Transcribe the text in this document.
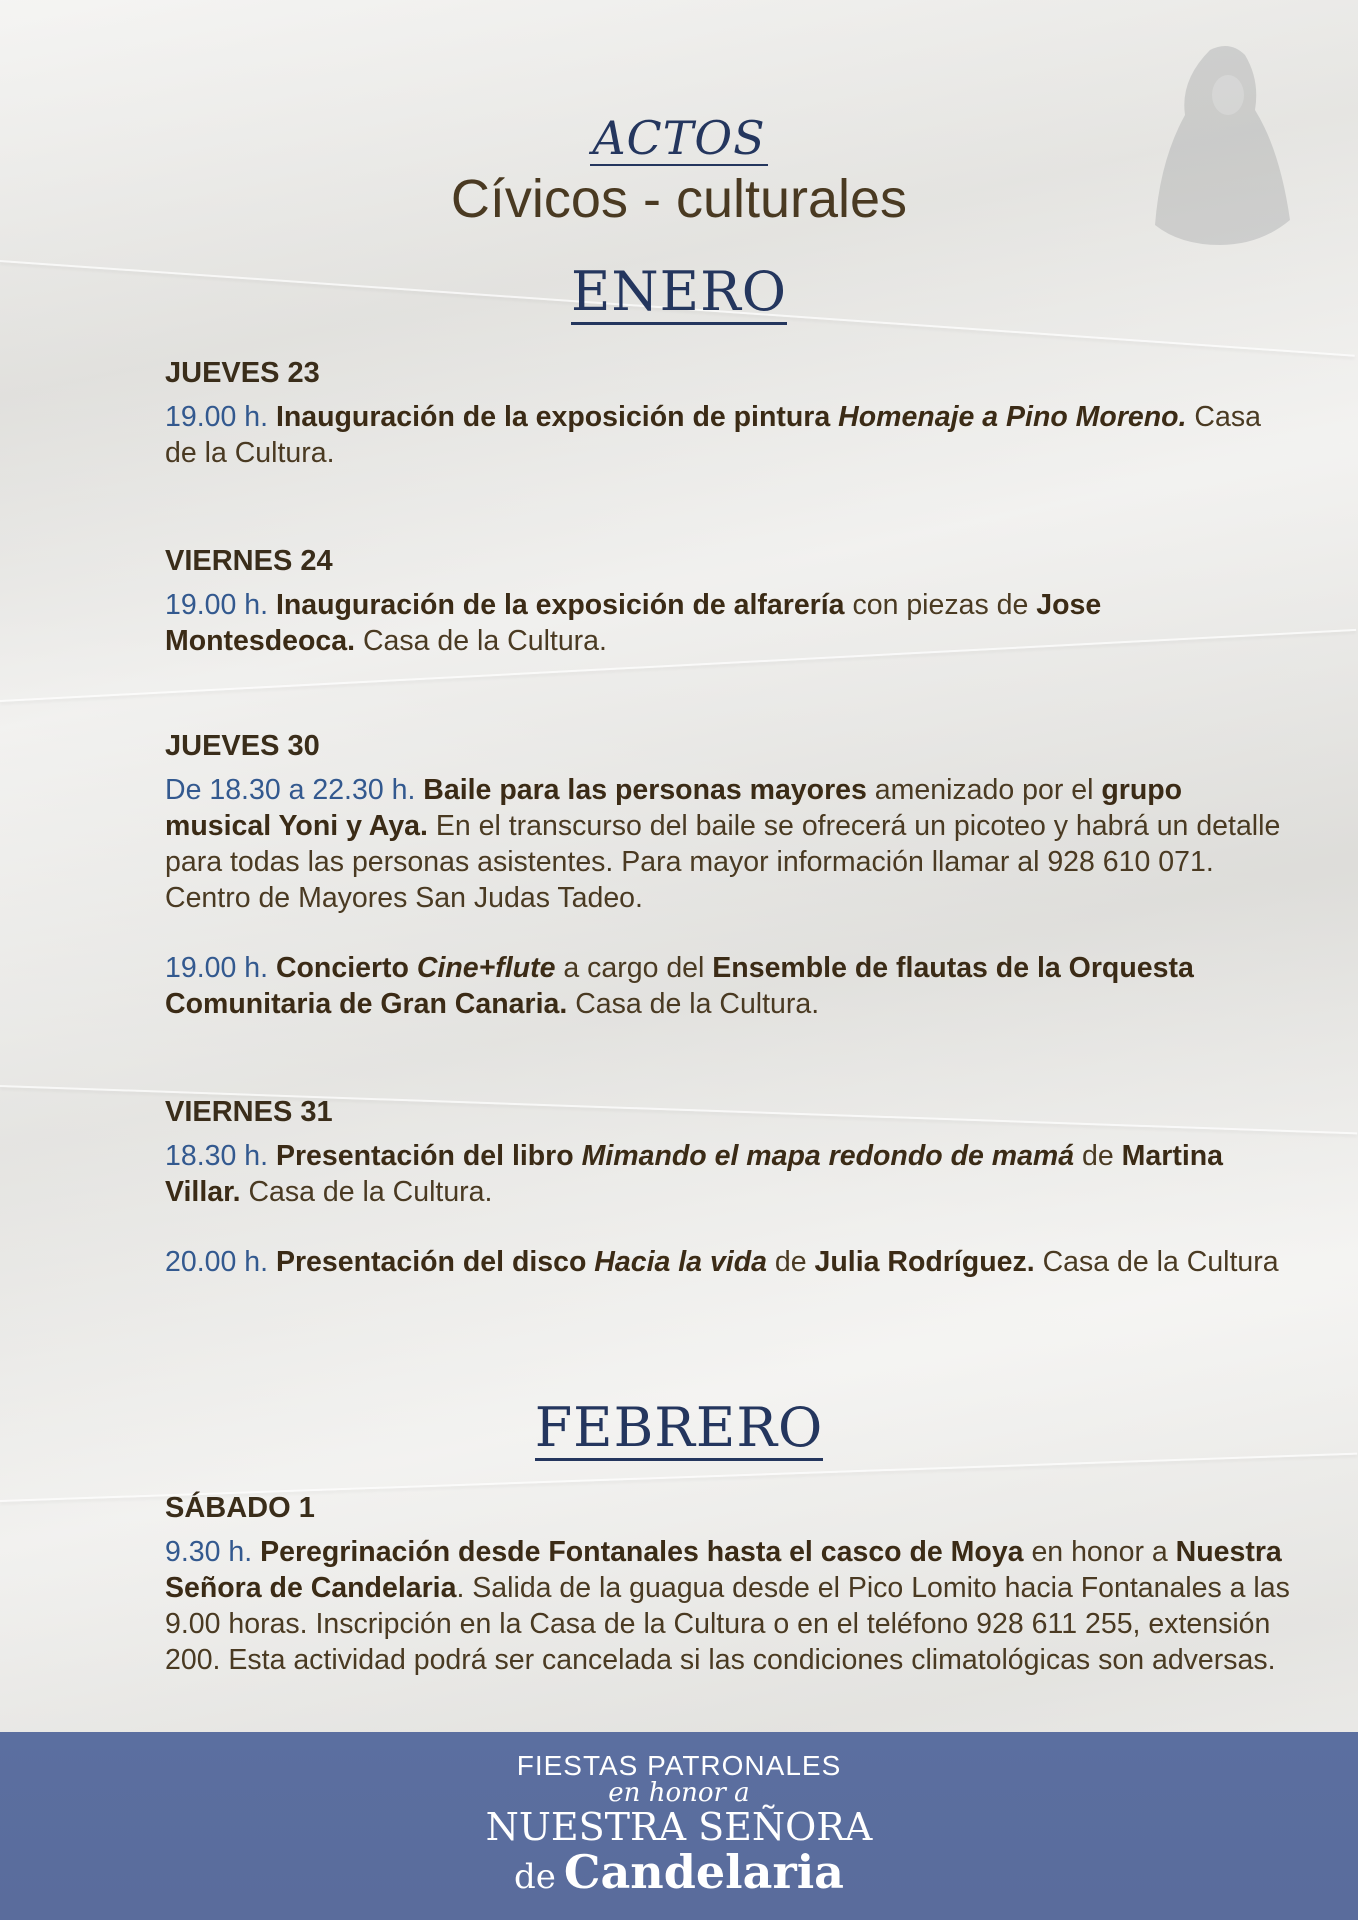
ACTOS
Cívicos - culturales
ENERO
JUEVES 23

19.00 h. Inauguración de la exposición de pintura Homenaje a Pino Moreno. Casa de la Cultura.

VIERNES 24

19.00 h. Inauguración de la exposición de alfarería con piezas de Jose Montesdeoca. Casa de la Cultura.

JUEVES 30

De 18.30 a 22.30 h. Baile para las personas mayores amenizado por el grupo musical Yoni y Aya. En el transcurso del baile se ofrecerá un picoteo y habrá un detalle para todas las personas asistentes. Para mayor información llamar al 928 610 071. Centro de Mayores San Judas Tadeo.

19.00 h. Concierto Cine+flute a cargo del Ensemble de flautas de la Orquesta Comunitaria de Gran Canaria. Casa de la Cultura.

VIERNES 31

18.30 h. Presentación del libro Mimando el mapa redondo de mamá de Martina Villar. Casa de la Cultura.

20.00 h. Presentación del disco Hacia la vida de Julia Rodríguez. Casa de la Cultura

FEBRERO
SÁBADO 1

9.30 h. Peregrinación desde Fontanales hasta el casco de Moya en honor a Nuestra Señora de Candelaria. Salida de la guagua desde el Pico Lomito hacia Fontanales a las 9.00 horas. Inscripción en la Casa de la Cultura o en el teléfono 928 611 255, extensión 200. Esta actividad podrá ser cancelada si las condiciones climatológicas son adversas.

FIESTAS PATRONALES
en honor a
NUESTRA SEÑORA
de Candelaria
